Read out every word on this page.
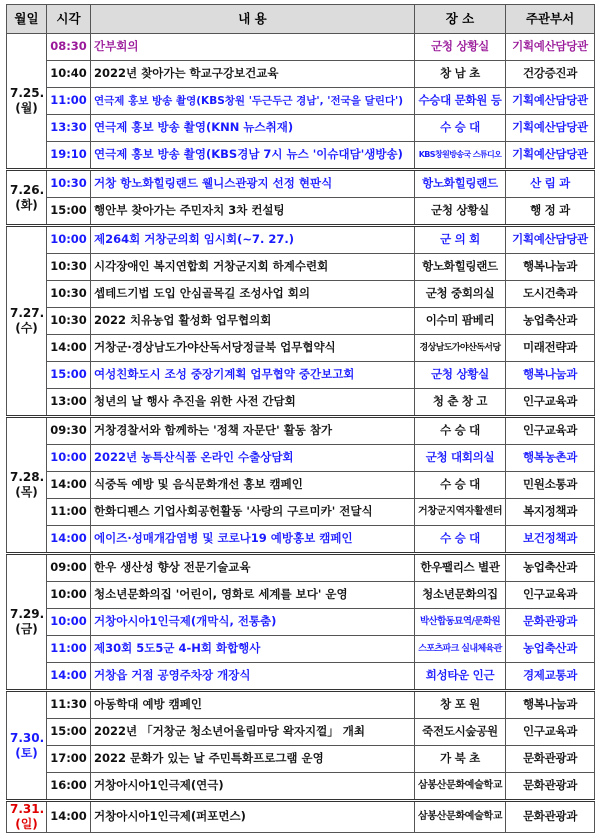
월일	시각	내 용	장 소	주관부서

7.25.
(월)	08:30	간부회의	군청 상황실	기획예산담당관
	10:40	2022년 찾아가는 학교구강보건교육	창 남 초	건강증진과
	11:00	연극제 홍보 방송 촬영(KBS창원 '두근두근 경남', '전국을 달린다')	수승대 문화원 등	기획예산담당관
	13:30	연극제 홍보 방송 촬영(KNN 뉴스취재)	수 승 대	기획예산담당관
	19:10	연극제 홍보 방송 촬영(KBS경남 7시 뉴스 '이슈대담'생방송)	KBS창원방송국 스튜디오	기획예산담당관

7.26.
(화)	10:30	거창 항노화힐링랜드 웰니스관광지 선정 현판식	항노화힐링랜드	산 림 과
	15:00	행안부 찾아가는 주민자치 3차 컨설팅	군청 상황실	행 정 과

7.27.
(수)	10:00	제264회 거창군의회 임시회(~7. 27.)	군 의 회	기획예산담당관
	10:30	시각장애인 복지연합회 거창군지회 하계수련회	항노화힐링랜드	행복나눔과
	10:30	셉테드기법 도입 안심골목길 조성사업 회의	군청 중회의실	도시건축과
	10:30	2022 치유농업 활성화 업무협의회	이수미 팜베리	농업축산과
	14:00	거창군·경상남도가야산독서당정글북 업무협약식	경상남도가야산독서당	미래전략과
	15:00	여성친화도시 조성 중장기계획 업무협약 중간보고회	군청 상황실	행복나눔과
	13:00	청년의 날 행사 추진을 위한 사전 간담회	청 춘 창 고	인구교육과

7.28.
(목)	09:30	거창경찰서와 함께하는 '정책 자문단' 활동 참가	수 승 대	인구교육과
	10:00	2022년 농특산식품 온라인 수출상담회	군청 대회의실	행복농촌과
	14:00	식중독 예방 및 음식문화개선 홍보 캠페인	수 승 대	민원소통과
	11:00	한화디펜스 기업사회공헌활동 '사랑의 구르미카' 전달식	거창군지역자활센터	복지정책과
	14:00	에이즈·성매개감염병 및 코로나19 예방홍보 캠페인	수 승 대	보건정책과

7.29.
(금)	09:00	한우 생산성 향상 전문기술교육	한우팰리스 별관	농업축산과
	10:00	청소년문화의집 '어린이, 영화로 세계를 보다' 운영	청소년문화의집	인구교육과
	10:00	거창아시아1인극제(개막식, 전통춤)	박산합동묘역/문화원	문화관광과
	11:00	제30회 5도5군 4-H회 화합행사	스포츠파크 실내체육관	농업축산과
	14:00	거창읍 거점 공영주차장 개장식	희성타운 인근	경제교통과

7.30.
(토)	11:30	아동학대 예방 캠페인	창 포 원	행복나눔과
	15:00	2022년 「거창군 청소년어울림마당 왁자지껄」 개최	죽전도시숲공원	인구교육과
	17:00	2022 문화가 있는 날 주민특화프로그램 운영	가 북 초	문화관광과
	16:00	거창아시아1인극제(연극)	삼봉산문화예술학교	문화관광과

7.31.
(일)	14:00	거창아시아1인극제(퍼포먼스)	삼봉산문화예술학교	문화관광과
